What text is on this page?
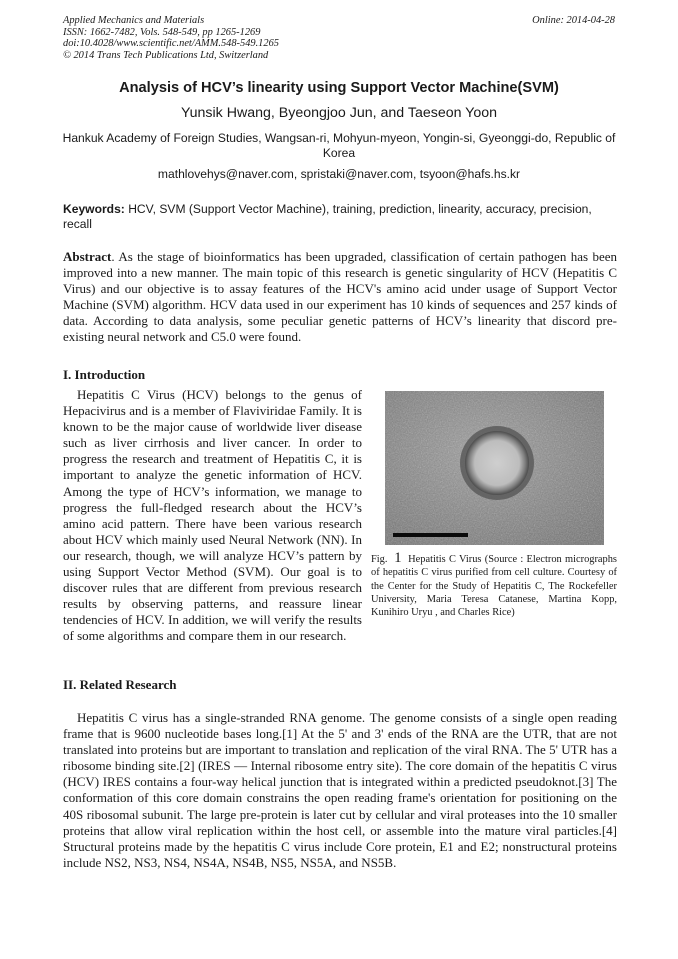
Applied Mechanics and Materials
ISSN: 1662-7482, Vols. 548-549, pp 1265-1269
doi:10.4028/www.scientific.net/AMM.548-549.1265
© 2014 Trans Tech Publications Ltd, Switzerland
Online: 2014-04-28
Analysis of HCV’s linearity using Support Vector Machine(SVM)
Yunsik Hwang, Byeongjoo Jun, and Taeseon Yoon
Hankuk Academy of Foreign Studies, Wangsan-ri, Mohyun-myeon, Yongin-si, Gyeonggi-do, Republic of Korea
mathlovehys@naver.com, spristaki@naver.com, tsyoon@hafs.hs.kr
Keywords: HCV, SVM (Support Vector Machine), training, prediction, linearity, accuracy, precision, recall
Abstract. As the stage of bioinformatics has been upgraded, classification of certain pathogen has been improved into a new manner. The main topic of this research is genetic singularity of HCV (Hepatitis C Virus) and our objective is to assay features of the HCV's amino acid under usage of Support Vector Machine (SVM) algorithm. HCV data used in our experiment has 10 kinds of sequences and 257 kinds of data. According to data analysis, some peculiar genetic patterns of HCV’s linearity that discord pre-existing neural network and C5.0 were found.
I. Introduction
Hepatitis C Virus (HCV) belongs to the genus of Hepacivirus and is a member of Flaviviridae Family. It is known to be the major cause of worldwide liver disease such as liver cirrhosis and liver cancer. In order to progress the research and treatment of Hepatitis C, it is important to analyze the genetic information of HCV. Among the type of HCV’s information, we manage to progress the full-fledged research about the HCV’s amino acid pattern. There have been various research about HCV which mainly used Neural Network (NN). In our research, though, we will analyze HCV’s pattern by using Support Vector Method (SVM). Our goal is to discover rules that are different from previous research results by observing patterns, and reassure linear tendencies of HCV. In addition, we will verify the results of some algorithms and compare them in our research.
Fig. 1 Hepatitis C Virus (Source : Electron micrographs of hepatitis C virus purified from cell culture. Courtesy of the Center for the Study of Hepatitis C, The Rockefeller University, Maria Teresa Catanese, Martina Kopp, Kunihiro Uryu , and Charles Rice)
II. Related Research
Hepatitis C virus has a single-stranded RNA genome. The genome consists of a single open reading frame that is 9600 nucleotide bases long.[1] At the 5' and 3' ends of the RNA are the UTR, that are not translated into proteins but are important to translation and replication of the viral RNA. The 5' UTR has a ribosome binding site.[2] (IRES — Internal ribosome entry site). The core domain of the hepatitis C virus (HCV) IRES contains a four-way helical junction that is integrated within a predicted pseudoknot.[3] The conformation of this core domain constrains the open reading frame's orientation for positioning on the 40S ribosomal subunit. The large pre-protein is later cut by cellular and viral proteases into the 10 smaller proteins that allow viral replication within the host cell, or assemble into the mature viral particles.[4] Structural proteins made by the hepatitis C virus include Core protein, E1 and E2; nonstructural proteins include NS2, NS3, NS4, NS4A, NS4B, NS5, NS5A, and NS5B.
